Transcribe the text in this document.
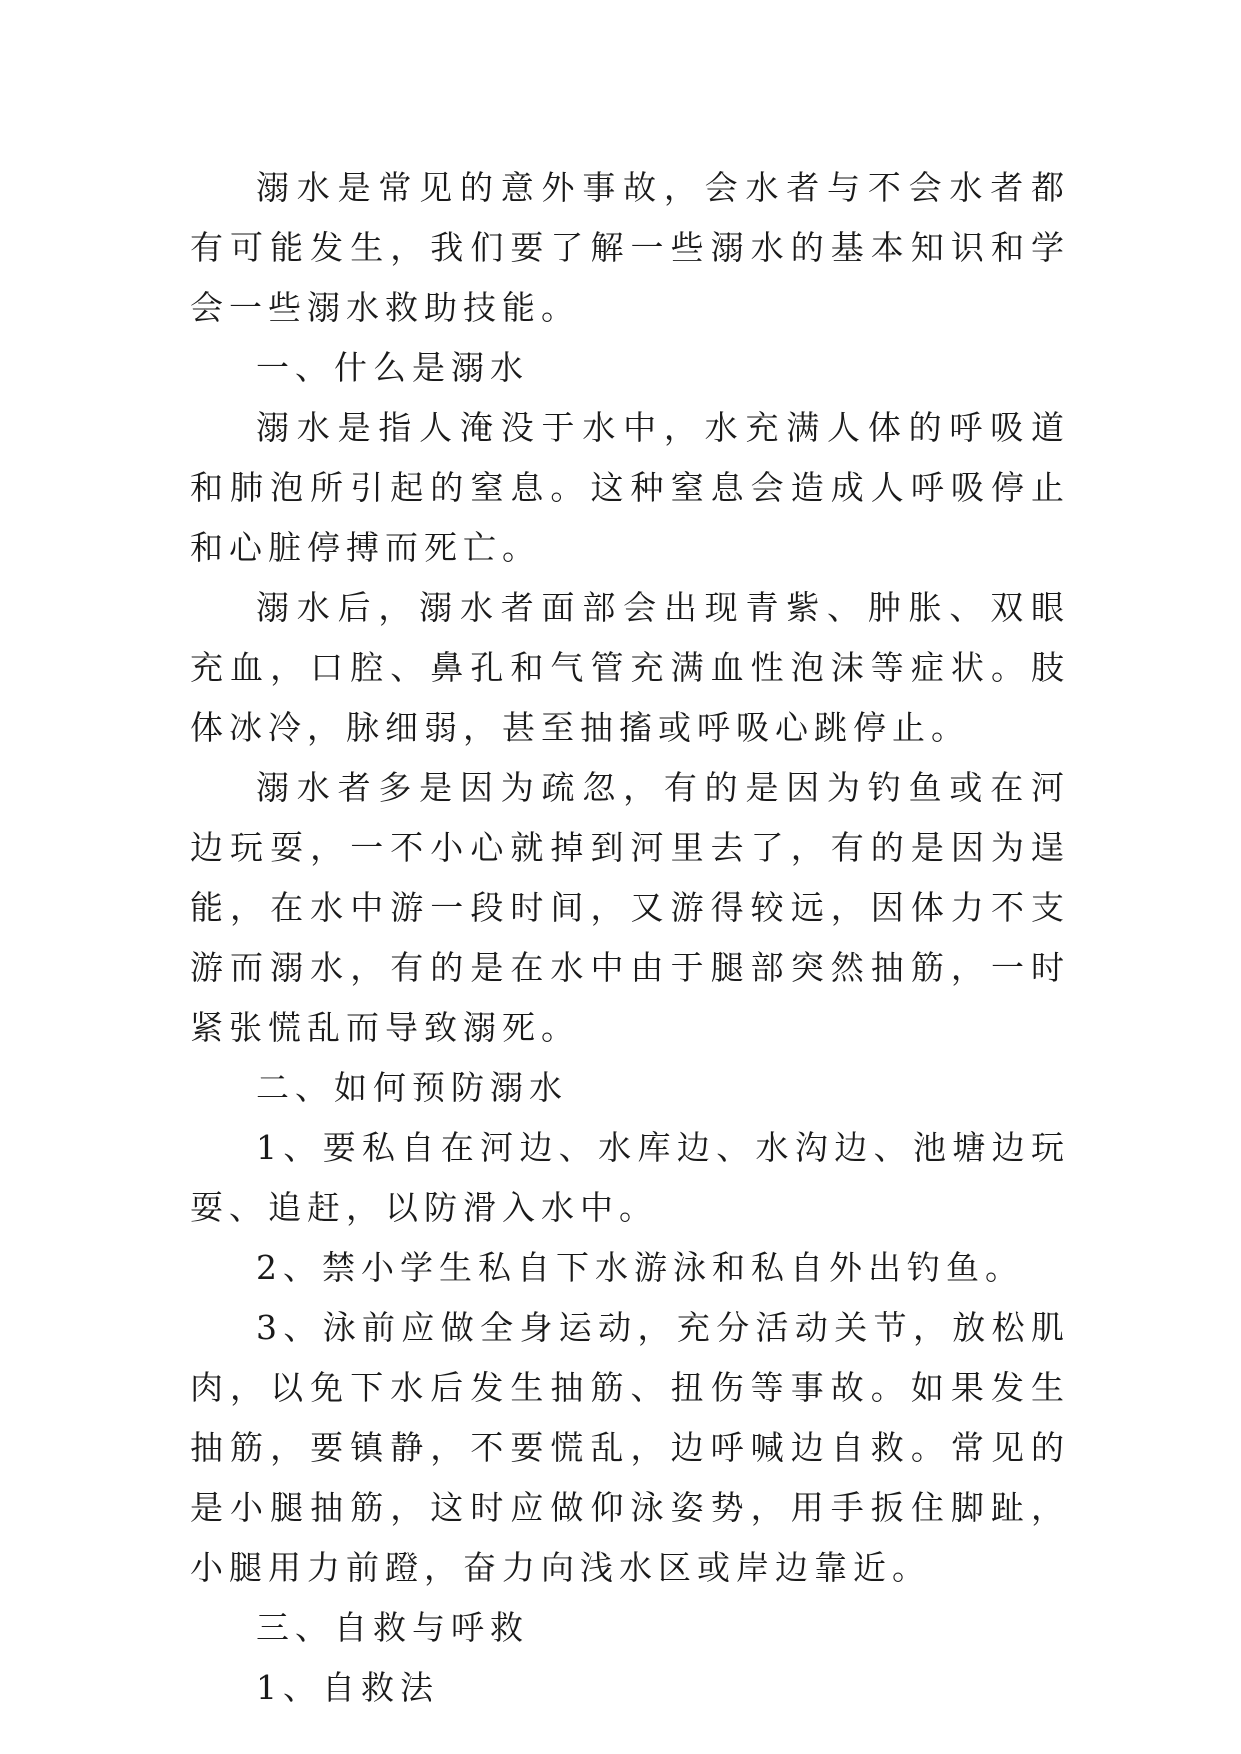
溺水是常见的意外事故，会水者与不会水者都有可能发生，我们要了解一些溺水的基本知识和学会一些溺水救助技能。

一、什么是溺水

溺水是指人淹没于水中，水充满人体的呼吸道和肺泡所引起的窒息。这种窒息会造成人呼吸停止和心脏停搏而死亡。

溺水后，溺水者面部会出现青紫、肿胀、双眼充血，口腔、鼻孔和气管充满血性泡沫等症状。肢体冰冷，脉细弱，甚至抽搐或呼吸心跳停止。

溺水者多是因为疏忽，有的是因为钓鱼或在河边玩耍，一不小心就掉到河里去了，有的是因为逞能，在水中游一段时间，又游得较远，因体力不支游而溺水，有的是在水中由于腿部突然抽筋，一时紧张慌乱而导致溺死。

二、如何预防溺水

1、要私自在河边、水库边、水沟边、池塘边玩耍、追赶，以防滑入水中。

2、禁小学生私自下水游泳和私自外出钓鱼。

3、泳前应做全身运动，充分活动关节，放松肌肉，以免下水后发生抽筋、扭伤等事故。如果发生抽筋，要镇静，不要慌乱，边呼喊边自救。常见的是小腿抽筋，这时应做仰泳姿势，用手扳住脚趾，小腿用力前蹬，奋力向浅水区或岸边靠近。

三、自救与呼救

1、自救法
